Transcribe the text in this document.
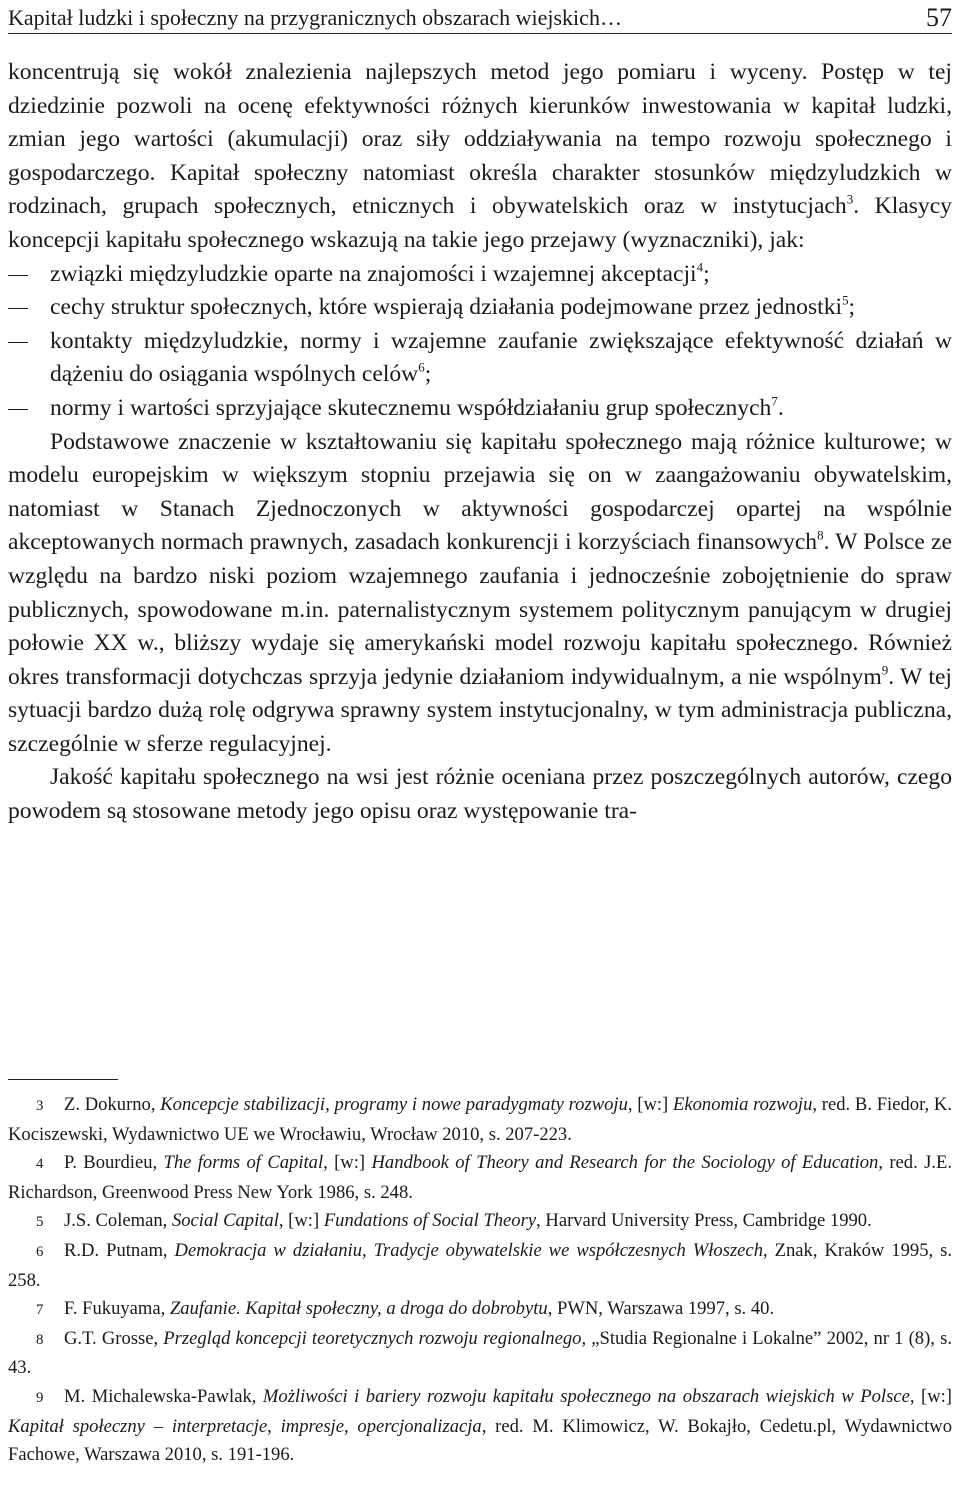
Kapitał ludzki i społeczny na przygranicznych obszarach wiejskich…	57

koncentrują się wokół znalezienia najlepszych metod jego pomiaru i wyceny. Postęp w tej dziedzinie pozwoli na ocenę efektywności różnych kierunków inwestowania w kapitał ludzki, zmian jego wartości (akumulacji) oraz siły oddziaływania na tempo rozwoju społecznego i gospodarczego. Kapitał społeczny natomiast określa charakter stosunków międzyludzkich w rodzinach, grupach społecznych, etnicznych i obywatelskich oraz w instytucjach$^3$. Klasycy koncepcji kapitału społecznego wskazują na takie jego przejawy (wyznaczniki), jak:

związki międzyludzkie oparte na znajomości i wzajemnej akceptacji$^4$;
cechy struktur społecznych, które wspierają działania podejmowane przez jednostki$^5$;
kontakty międzyludzkie, normy i wzajemne zaufanie zwiększające efektywność działań w dążeniu do osiągania wspólnych celów$^6$;
normy i wartości sprzyjające skutecznemu współdziałaniu grup społecznych$^7$.

Podstawowe znaczenie w kształtowaniu się kapitału społecznego mają różnice kulturowe; w modelu europejskim w większym stopniu przejawia się on w zaangażowaniu obywatelskim, natomiast w Stanach Zjednoczonych w aktywności gospodarczej opartej na wspólnie akceptowanych normach prawnych, zasadach konkurencji i korzyściach finansowych$^8$. W Polsce ze względu na bardzo niski poziom wzajemnego zaufania i jednocześnie zobojętnienie do spraw publicznych, spowodowane m.in. paternalistycznym systemem politycznym panującym w drugiej połowie XX w., bliższy wydaje się amerykański model rozwoju kapitału społecznego. Również okres transformacji dotychczas sprzyja jedynie działaniom indywidualnym, a nie wspólnym$^9$. W tej sytuacji bardzo dużą rolę odgrywa sprawny system instytucjonalny, w tym administracja publiczna, szczególnie w sferze regulacyjnej.

Jakość kapitału społecznego na wsi jest różnie oceniana przez poszczególnych autorów, czego powodem są stosowane metody jego opisu oraz występowanie tra-

3 Z. Dokurno, Koncepcje stabilizacji, programy i nowe paradygmaty rozwoju, [w:] Ekonomia rozwoju, red. B. Fiedor, K. Kociszewski, Wydawnictwo UE we Wrocławiu, Wrocław 2010, s. 207-223.

4 P. Bourdieu, The forms of Capital, [w:] Handbook of Theory and Research for the Sociology of Education, red. J.E. Richardson, Greenwood Press New York 1986, s. 248.

5 J.S. Coleman, Social Capital, [w:] Fundations of Social Theory, Harvard University Press, Cambridge 1990.

6 R.D. Putnam, Demokracja w działaniu, Tradycje obywatelskie we współczesnych Włoszech, Znak, Kraków 1995, s. 258.

7 F. Fukuyama, Zaufanie. Kapitał społeczny, a droga do dobrobytu, PWN, Warszawa 1997, s. 40.

8 G.T. Grosse, Przegląd koncepcji teoretycznych rozwoju regionalnego, „Studia Regionalne i Lokalne” 2002, nr 1 (8), s. 43.

9 M. Michalewska-Pawlak, Możliwości i bariery rozwoju kapitału społecznego na obszarach wiejskich w Polsce, [w:] Kapitał społeczny – interpretacje, impresje, opercjonalizacja, red. M. Klimowicz, W. Bokajło, Cedetu.pl, Wydawnictwo Fachowe, Warszawa 2010, s. 191-196.
